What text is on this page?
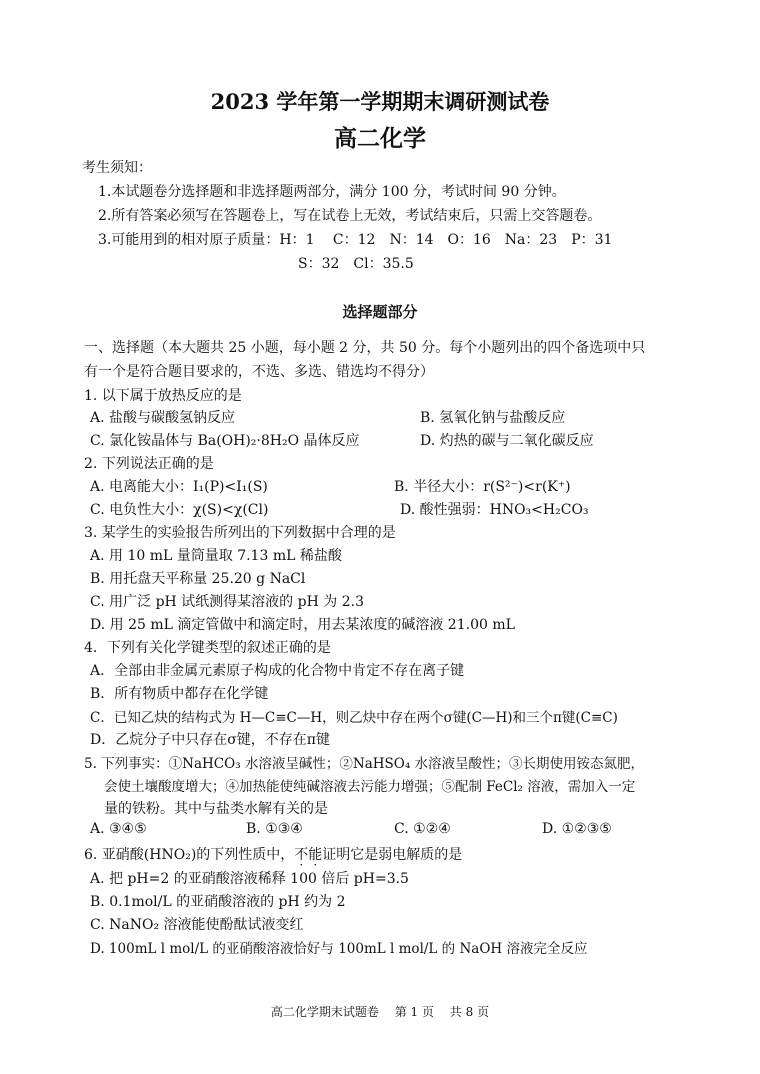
2023 学年第一学期期末调研测试卷
高二化学
考生须知：
1.本试题卷分选择题和非选择题两部分，满分 100 分，考试时间 90 分钟。
2.所有答案必须写在答题卷上，写在试卷上无效，考试结束后，只需上交答题卷。
3.可能用到的相对原子质量：H：1　 C：12　N：14　O：16　Na：23　P：31
S：32　Cl：35.5
选择题部分
一、选择题（本大题共 25 小题，每小题 2 分，共 50 分。每个小题列出的四个备选项中只
有一个是符合题目要求的，不选、多选、错选均不得分）
1. 以下属于放热反应的是
A. 盐酸与碳酸氢钠反应	B. 氢氧化钠与盐酸反应
C. 氯化铵晶体与 Ba(OH)₂·8H₂O 晶体反应	D. 灼热的碳与二氧化碳反应
2. 下列说法正确的是
A. 电离能大小：I₁(P)<I₁(S)	B. 半径大小：r(S²⁻)<r(K⁺)
C. 电负性大小：χ(S)<χ(Cl)	D. 酸性强弱：HNO₃<H₂CO₃
3. 某学生的实验报告所列出的下列数据中合理的是
A. 用 10 mL 量筒量取 7.13 mL 稀盐酸
B. 用托盘天平称量 25.20 g NaCl
C. 用广泛 pH 试纸测得某溶液的 pH 为 2.3
D. 用 25 mL 滴定管做中和滴定时，用去某浓度的碱溶液 21.00 mL
4．下列有关化学键类型的叙述正确的是
A．全部由非金属元素原子构成的化合物中肯定不存在离子键
B．所有物质中都存在化学键
C．已知乙炔的结构式为 H—C≡C—H，则乙炔中存在两个σ键(C—H)和三个π键(C≡C)
D．乙烷分子中只存在σ键，不存在π键
5. 下列事实：①NaHCO₃ 水溶液呈碱性；②NaHSO₄ 水溶液呈酸性；③长期使用铵态氮肥，
会使土壤酸度增大；④加热能使纯碱溶液去污能力增强；⑤配制 FeCl₂ 溶液，需加入一定
量的铁粉。其中与盐类水解有关的是
A. ③④⑤	B. ①③④	C. ①②④	D. ①②③⑤
6. 亚硝酸(HNO₂)的下列性质中，不能证明它是弱电解质的是
A. 把 pH=2 的亚硝酸溶液稀释 100 倍后 pH=3.5
B. 0.1mol/L 的亚硝酸溶液的 pH 约为 2
C. NaNO₂ 溶液能使酚酞试液变红
D. 100mL l mol/L 的亚硝酸溶液恰好与 100mL l mol/L 的 NaOH 溶液完全反应
高二化学期末试题卷　 第 1 页　 共 8 页
